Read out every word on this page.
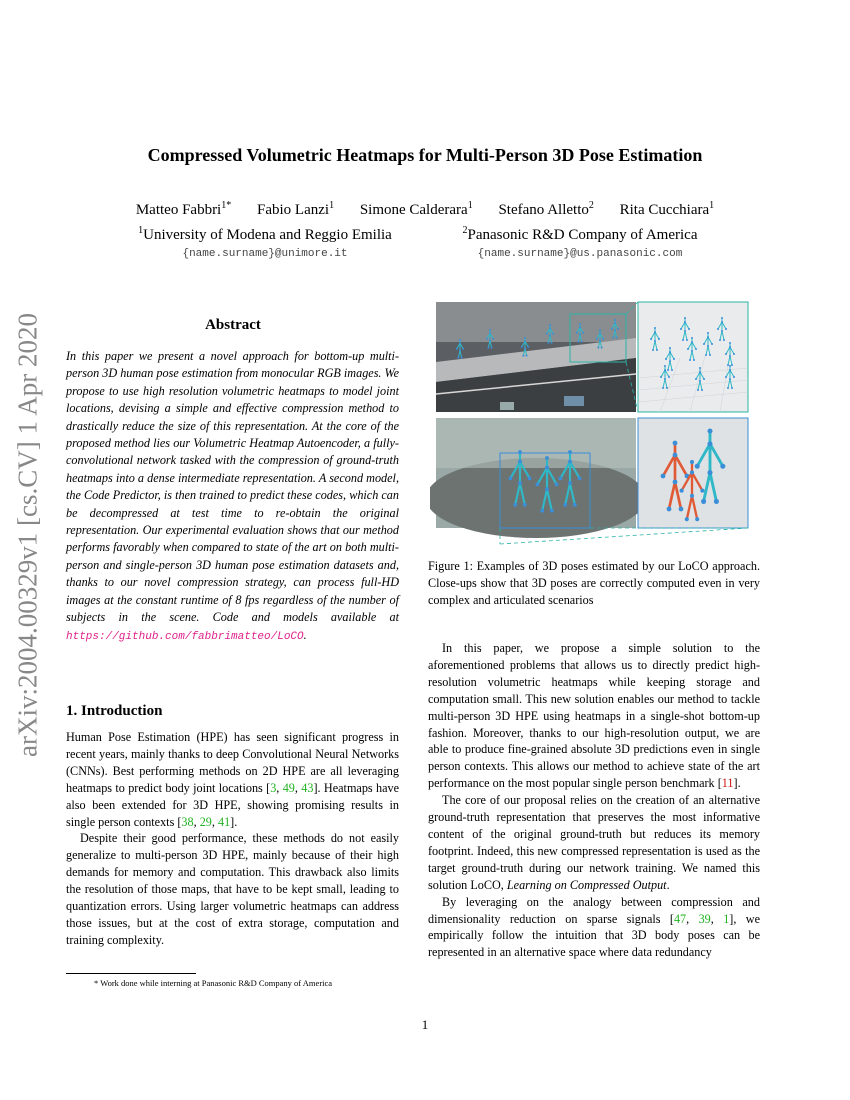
arXiv:2004.00329v1 [cs.CV] 1 Apr 2020
Compressed Volumetric Heatmaps for Multi-Person 3D Pose Estimation
Matteo Fabbri$^{1*}$ Fabio Lanzi$^1$ Simone Calderara$^1$ Stefano Alletto$^2$ Rita Cucchiara$^1$
$^1$University of Modena and Reggio Emilia	$^2$Panasonic R&D Company of America
{name.surname}@unimore.it	{name.surname}@us.panasonic.com
Abstract
In this paper we present a novel approach for bottom-up multi-person 3D human pose estimation from monocular RGB images. We propose to use high resolution volumetric heatmaps to model joint locations, devising a simple and effective compression method to drastically reduce the size of this representation. At the core of the proposed method lies our Volumetric Heatmap Autoencoder, a fully-convolutional network tasked with the compression of ground-truth heatmaps into a dense intermediate representation. A second model, the Code Predictor, is then trained to predict these codes, which can be decompressed at test time to re-obtain the original representation. Our experimental evaluation shows that our method performs favorably when compared to state of the art on both multi-person and single-person 3D human pose estimation datasets and, thanks to our novel compression strategy, can process full-HD images at the constant runtime of 8 fps regardless of the number of subjects in the scene. Code and models available at https://github.com/fabbrimatteo/LoCO.
1. Introduction

Human Pose Estimation (HPE) has seen significant progress in recent years, mainly thanks to deep Convolutional Neural Networks (CNNs). Best performing methods on 2D HPE are all leveraging heatmaps to predict body joint locations [3, 49, 43]. Heatmaps have also been extended for 3D HPE, showing promising results in single person contexts [38, 29, 41].

Despite their good performance, these methods do not easily generalize to multi-person 3D HPE, mainly because of their high demands for memory and computation. This drawback also limits the resolution of those maps, that have to be kept small, leading to quantization errors. Using larger volumetric heatmaps can address those issues, but at the cost of extra storage, computation and training complexity.

* Work done while interning at Panasonic R&D Company of America
Figure 1: Examples of 3D poses estimated by our LoCO approach. Close-ups show that 3D poses are correctly computed even in very complex and articulated scenarios

In this paper, we propose a simple solution to the aforementioned problems that allows us to directly predict high-resolution volumetric heatmaps while keeping storage and computation small. This new solution enables our method to tackle multi-person 3D HPE using heatmaps in a single-shot bottom-up fashion. Moreover, thanks to our high-resolution output, we are able to produce fine-grained absolute 3D predictions even in single person contexts. This allows our method to achieve state of the art performance on the most popular single person benchmark [11].

The core of our proposal relies on the creation of an alternative ground-truth representation that preserves the most informative content of the original ground-truth but reduces its memory footprint. Indeed, this new compressed representation is used as the target ground-truth during our network training. We named this solution LoCO, Learning on Compressed Output.

By leveraging on the analogy between compression and dimensionality reduction on sparse signals [47, 39, 1], we empirically follow the intuition that 3D body poses can be represented in an alternative space where data redundancy

1
